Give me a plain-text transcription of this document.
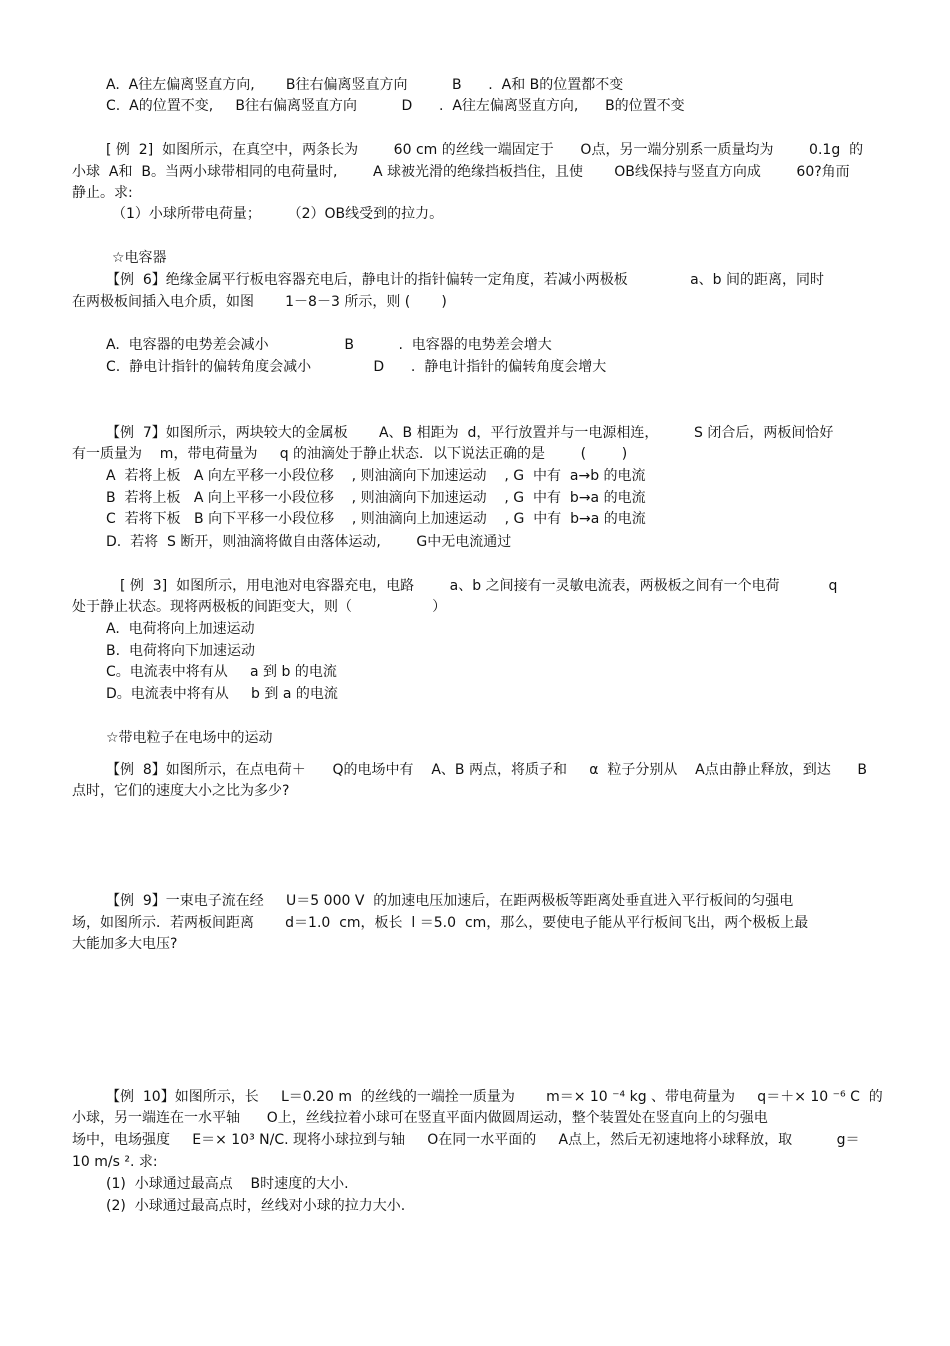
A.  A往左偏离竖直方向,       B往右偏离竖直方向          B      .  A和 B的位置都不变
C.  A的位置不变,     B往右偏离竖直方向          D      .  A往左偏离竖直方向,      B的位置不变
[ 例  2]  如图所示，在真空中，两条长为        60 cm 的丝线一端固定于      O点，另一端分别系一质量均为        0.1g  的
小球  A和  B。当两小球带相同的电荷量时,        A 球被光滑的绝缘挡板挡住，且使       OB线保持与竖直方向成        60?角而
静止。求:
（1）小球所带电荷量；      （2）OB线受到的拉力。
☆电容器
【例  6】绝缘金属平行板电容器充电后，静电计的指针偏转一定角度，若减小两极板              a、b 间的距离，同时
在两极板间插入电介质，如图       1－8－3 所示，则 (       )
A.  电容器的电势差会减小                 B          .  电容器的电势差会增大
C.  静电计指针的偏转角度会减小              D      .  静电计指针的偏转角度会增大
【例  7】如图所示，两块较大的金属板       A、B 相距为  d，平行放置并与一电源相连，        S 闭合后，两板间恰好
有一质量为    m，带电荷量为     q 的油滴处于静止状态．以下说法正确的是        (        )
A  若将上板   A 向左平移一小段位移    , 则油滴向下加速运动    , G  中有  a→b 的电流
B  若将上板   A 向上平移一小段位移    , 则油滴向下加速运动    , G  中有  b→a 的电流
C  若将下板   B 向下平移一小段位移    , 则油滴向上加速运动    , G  中有  b→a 的电流
D.  若将  S 断开，则油滴将做自由落体运动,        G中无电流通过
[ 例  3]  如图所示，用电池对电容器充电，电路        a、b 之间接有一灵敏电流表，两极板之间有一个电荷           q
处于静止状态。现将两极板的间距变大，则（                  ）
A.  电荷将向上加速运动
B.  电荷将向下加速运动
C。电流表中将有从     a 到 b 的电流
D。电流表中将有从     b 到 a 的电流
☆带电粒子在电场中的运动
【例  8】如图所示，在点电荷＋      Q的电场中有    A、B 两点，将质子和     α  粒子分别从    A点由静止释放，到达      B
点时，它们的速度大小之比为多少?
【例  9】一束电子流在经     U＝5 000 V  的加速电压加速后，在距两极板等距离处垂直进入平行板间的匀强电
场，如图所示．若两板间距离       d＝1.0  cm，板长  l ＝5.0  cm，那么，要使电子能从平行板间飞出，两个极板上最
大能加多大电压?
【例  10】如图所示，长     L＝0.20 m  的丝线的一端拴一质量为       m＝× 10 ⁻⁴ kg 、带电荷量为     q＝＋× 10 ⁻⁶ C  的
小球，另一端连在一水平轴      O上，丝线拉着小球可在竖直平面内做圆周运动，整个装置处在竖直向上的匀强电
场中，电场强度     E＝× 10³ N/C. 现将小球拉到与轴     O在同一水平面的     A点上，然后无初速地将小球释放，取          g＝
10 m/s ². 求:
(1)  小球通过最高点    B时速度的大小.
(2)  小球通过最高点时，丝线对小球的拉力大小.
